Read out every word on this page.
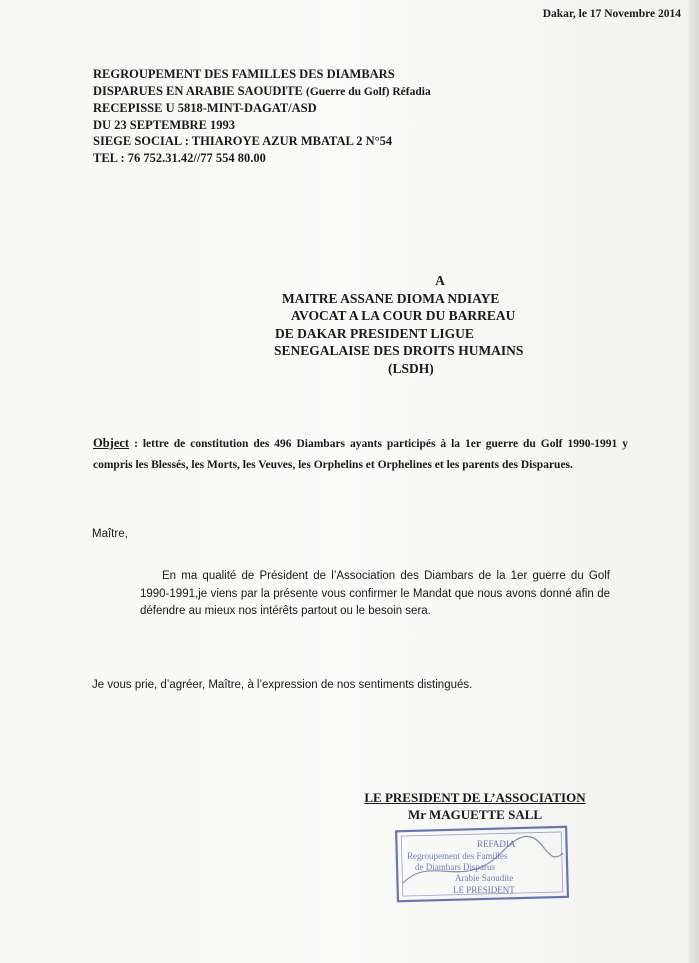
Dakar, le 17 Novembre 2014
REGROUPEMENT DES FAMILLES DES DIAMBARS
DISPARUES EN ARABIE SAOUDITE (Guerre du Golf) Réfadia
RECEPISSE U 5818-MINT-DAGAT/ASD
DU 23 SEPTEMBRE 1993
SIEGE SOCIAL : THIAROYE AZUR MBATAL 2 N°54
TEL : 76 752.31.42//77 554 80.00
A
MAITRE ASSANE DIOMA NDIAYE
AVOCAT A LA COUR DU BARREAU
DE DAKAR PRESIDENT LIGUE
SENEGALAISE DES DROITS HUMAINS
(LSDH)
Object : lettre de constitution des 496 Diambars ayants participés à la 1er guerre du Golf 1990-1991 y compris les Blessés, les Morts, les Veuves, les Orphelins et Orphelines et les parents des Disparues.
Maître,
En ma qualité de Président de l’Association des Diambars de la 1er guerre du Golf 1990-1991,je viens par la présente vous confirmer le Mandat que nous avons donné afin de défendre au mieux nos intérêts partout ou le besoin sera.
Je vous prie, d’agréer, Maître, à l’expression de nos sentiments distingués.
LE PRESIDENT DE L’ASSOCIATION
Mr MAGUETTE SALL
REFADIA
Regroupement des Familles
de Diambars Disparus
Arabie Saoudite
LE PRESIDENT
